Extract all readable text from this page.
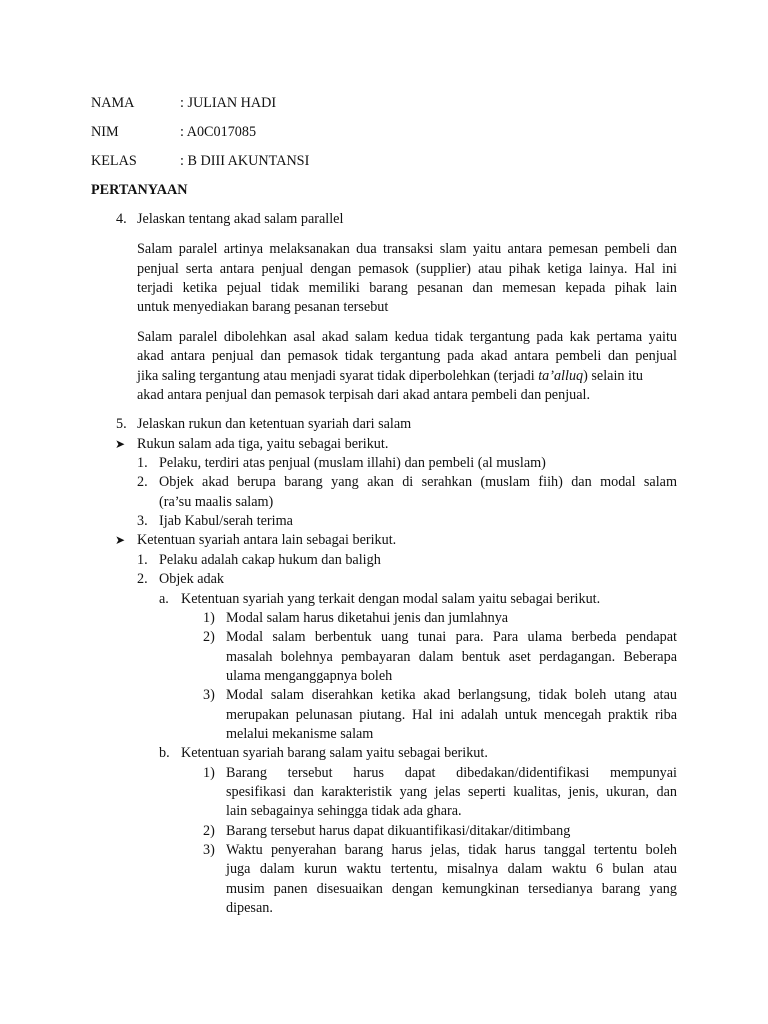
NAMA	: JULIAN HADI
NIM	: A0C017085
KELAS	: B DIII AKUNTANSI
PERTANYAAN
4. Jelaskan tentang akad salam parallel
Salam paralel artinya melaksanakan dua transaksi slam yaitu antara pemesan pembeli dan
penjual serta antara penjual dengan pemasok (supplier) atau pihak ketiga lainya. Hal ini
terjadi ketika pejual tidak memiliki barang pesanan dan memesan kepada pihak lain
untuk menyediakan barang pesanan tersebut
Salam paralel dibolehkan asal akad salam kedua tidak tergantung pada kak pertama yaitu
akad antara penjual dan pemasok tidak tergantung pada akad antara pembeli dan penjual
jika saling tergantung atau menjadi syarat tidak diperbolehkan (terjadi ta’alluq) selain itu
akad antara penjual dan pemasok terpisah dari akad antara pembeli dan penjual.
5. Jelaskan rukun dan ketentuan syariah dari salam
➤ Rukun salam ada tiga, yaitu sebagai berikut.
1. Pelaku, terdiri atas penjual (muslam illahi) dan pembeli (al muslam)
2. Objek akad berupa barang yang akan di serahkan (muslam fiih) dan modal salam
(ra’su maalis salam)
3. Ijab Kabul/serah terima
➤ Ketentuan syariah antara lain sebagai berikut.
1. Pelaku adalah cakap hukum dan baligh
2. Objek adak
a. Ketentuan syariah yang terkait dengan modal salam yaitu sebagai berikut.
1) Modal salam harus diketahui jenis dan jumlahnya
2) Modal salam berbentuk uang tunai para. Para ulama berbeda pendapat
masalah bolehnya pembayaran dalam bentuk aset perdagangan. Beberapa
ulama menganggapnya boleh
3) Modal salam diserahkan ketika akad berlangsung, tidak boleh utang atau
merupakan pelunasan piutang. Hal ini adalah untuk mencegah praktik riba
melalui mekanisme salam
b. Ketentuan syariah barang salam yaitu sebagai berikut.
1) Barang tersebut harus dapat dibedakan/didentifikasi mempunyai
spesifikasi dan karakteristik yang jelas seperti kualitas, jenis, ukuran, dan
lain sebagainya sehingga tidak ada ghara.
2) Barang tersebut harus dapat dikuantifikasi/ditakar/ditimbang
3) Waktu penyerahan barang harus jelas, tidak harus tanggal tertentu boleh
juga dalam kurun waktu tertentu, misalnya dalam waktu 6 bulan atau
musim panen disesuaikan dengan kemungkinan tersedianya barang yang
dipesan.
